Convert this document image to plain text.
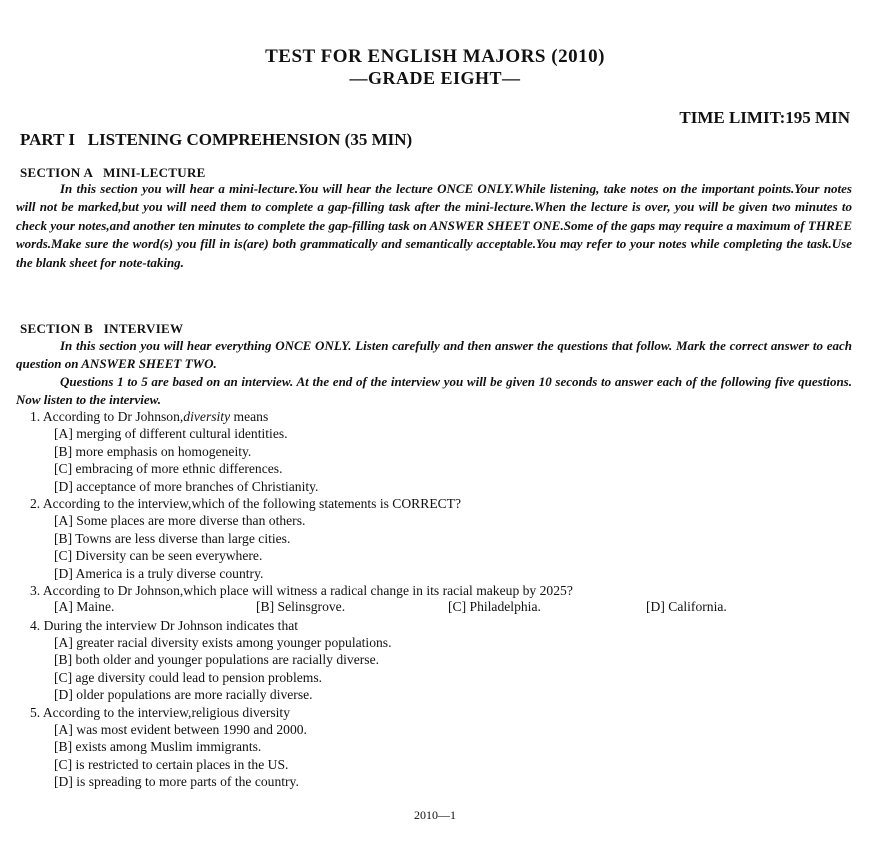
TEST FOR ENGLISH MAJORS (2010)
—GRADE EIGHT—
TIME LIMIT:195 MIN
PART I   LISTENING COMPREHENSION (35 MIN)
SECTION A   MINI-LECTURE

In this section you will hear a mini-lecture.You will hear the lecture ONCE ONLY.While listening, take notes on the important points.Your notes will not be marked,but you will need them to complete a gap-filling task after the mini-lecture.When the lecture is over, you will be given two minutes to check your notes,and another ten minutes to complete the gap-filling task on ANSWER SHEET ONE.Some of the gaps may require a maximum of THREE words.Make sure the word(s) you fill in is(are) both grammatically and semantically acceptable.You may refer to your notes while completing the task.Use the blank sheet for note-taking.

SECTION B   INTERVIEW

In this section you will hear everything ONCE ONLY. Listen carefully and then answer the questions that follow. Mark the correct answer to each question on ANSWER SHEET TWO.

Questions 1 to 5 are based on an interview. At the end of the interview you will be given 10 seconds to answer each of the following five questions. Now listen to the interview.

1. According to Dr Johnson,diversity means
[A] merging of different cultural identities.
[B] more emphasis on homogeneity.
[C] embracing of more ethnic differences.
[D] acceptance of more branches of Christianity.
2. According to the interview,which of the following statements is CORRECT?
[A] Some places are more diverse than others.
[B] Towns are less diverse than large cities.
[C] Diversity can be seen everywhere.
[D] America is a truly diverse country.
3. According to Dr Johnson,which place will witness a radical change in its racial makeup by 2025?
[A] Maine.	[B] Selinsgrove.	[C] Philadelphia.	[D] California.
4. During the interview Dr Johnson indicates that
[A] greater racial diversity exists among younger populations.
[B] both older and younger populations are racially diverse.
[C] age diversity could lead to pension problems.
[D] older populations are more racially diverse.
5. According to the interview,religious diversity
[A] was most evident between 1990 and 2000.
[B] exists among Muslim immigrants.
[C] is restricted to certain places in the US.
[D] is spreading to more parts of the country.
2010—1
